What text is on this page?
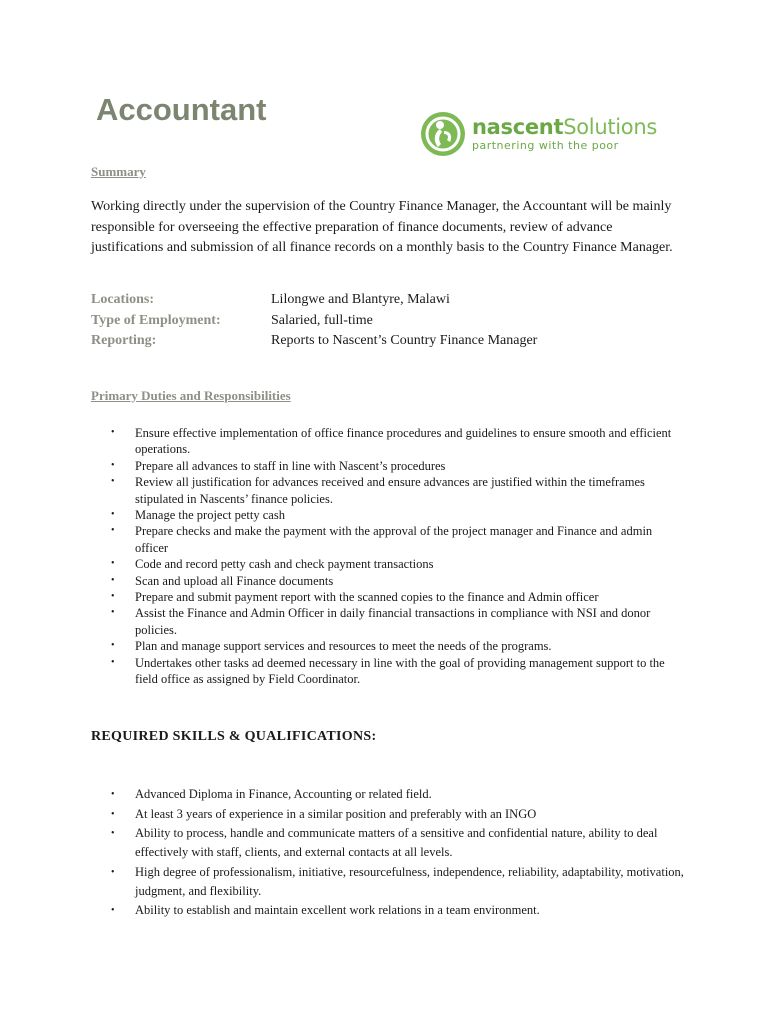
Accountant	nascentSolutions
partnering with the poor
Summary

Working directly under the supervision of the Country Finance Manager, the Accountant will be mainly responsible for overseeing the effective preparation of finance documents, review of advance justifications and submission of all finance records on a monthly basis to the Country Finance Manager.

Locations:	Lilongwe and Blantyre, Malawi
Type of Employment:	Salaried, full-time
Reporting:	Reports to Nascent’s Country Finance Manager
Primary Duties and Responsibilities
• Ensure effective implementation of office finance procedures and guidelines to ensure smooth and efficient operations.
• Prepare all advances to staff in line with Nascent’s procedures
• Review all justification for advances received and ensure advances are justified within the timeframes stipulated in Nascents’ finance policies.
• Manage the project petty cash
• Prepare checks and make the payment with the approval of the project manager and Finance and admin officer
• Code and record petty cash and check payment transactions
• Scan and upload all Finance documents
• Prepare and submit payment report with the scanned copies to the finance and Admin officer
• Assist the Finance and Admin Officer in daily financial transactions in compliance with NSI and donor policies.
• Plan and manage support services and resources to meet the needs of the programs.
• Undertakes other tasks ad deemed necessary in line with the goal of providing management support to the field office as assigned by Field Coordinator.
REQUIRED SKILLS & QUALIFICATIONS:
• Advanced Diploma in Finance, Accounting or related field.
• At least 3 years of experience in a similar position and preferably with an INGO
• Ability to process, handle and communicate matters of a sensitive and confidential nature, ability to deal effectively with staff, clients, and external contacts at all levels.
• High degree of professionalism, initiative, resourcefulness, independence, reliability, adaptability, motivation, judgment, and flexibility.
• Ability to establish and maintain excellent work relations in a team environment.
